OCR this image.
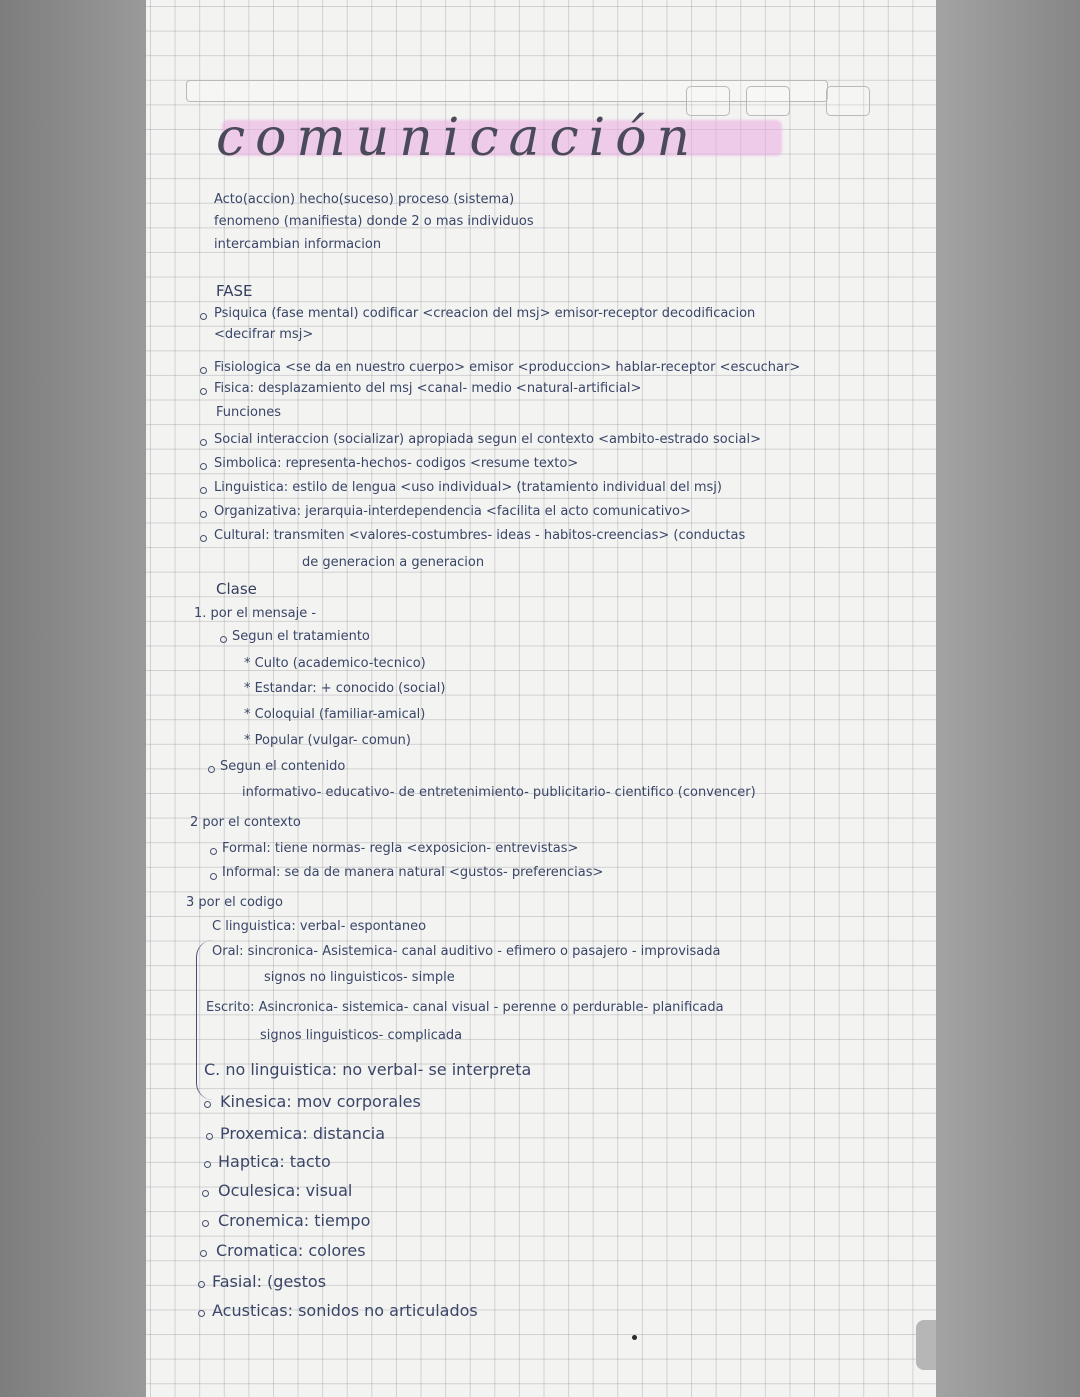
comunicación

Acto(accion) hecho(suceso) proceso (sistema)

fenomeno (manifiesta) donde 2 o mas individuos

intercambian informacion

FASE

Psiquica (fase mental) codificar <creacion del msj> emisor-receptor decodificacion

<decifrar msj>

Fisiologica <se da en nuestro cuerpo> emisor <produccion> hablar-receptor <escuchar>

Fisica: desplazamiento del msj <canal- medio <natural-artificial>

Funciones

Social interaccion (socializar) apropiada segun el contexto <ambito-estrado social>

Simbolica: representa-hechos- codigos <resume texto>

Linguistica: estilo de lengua <uso individual> (tratamiento individual del msj)

Organizativa: jerarquia-interdependencia <facilita el acto comunicativo>

Cultural: transmiten <valores-costumbres- ideas - habitos-creencias> (conductas

de generacion a generacion

Clase

1. por el mensaje -

Segun el tratamiento

* Culto (academico-tecnico)

* Estandar: + conocido (social)

* Coloquial (familiar-amical)

* Popular (vulgar- comun)

Segun el contenido

informativo- educativo- de entretenimiento- publicitario- cientifico (convencer)

2 por el contexto

Formal: tiene normas- regla <exposicion- entrevistas>

Informal: se da de manera natural <gustos- preferencias>

3 por el codigo

C linguistica: verbal- espontaneo

Oral: sincronica- Asistemica- canal auditivo - efimero o pasajero - improvisada

signos no linguisticos- simple

Escrito: Asincronica- sistemica- canal visual - perenne o perdurable- planificada

signos linguisticos- complicada

C. no linguistica: no verbal- se interpreta

Kinesica: mov corporales

Proxemica: distancia

Haptica: tacto

Oculesica: visual

Cronemica: tiempo

Cromatica: colores

Fasial: (gestos

Acusticas: sonidos no articulados
